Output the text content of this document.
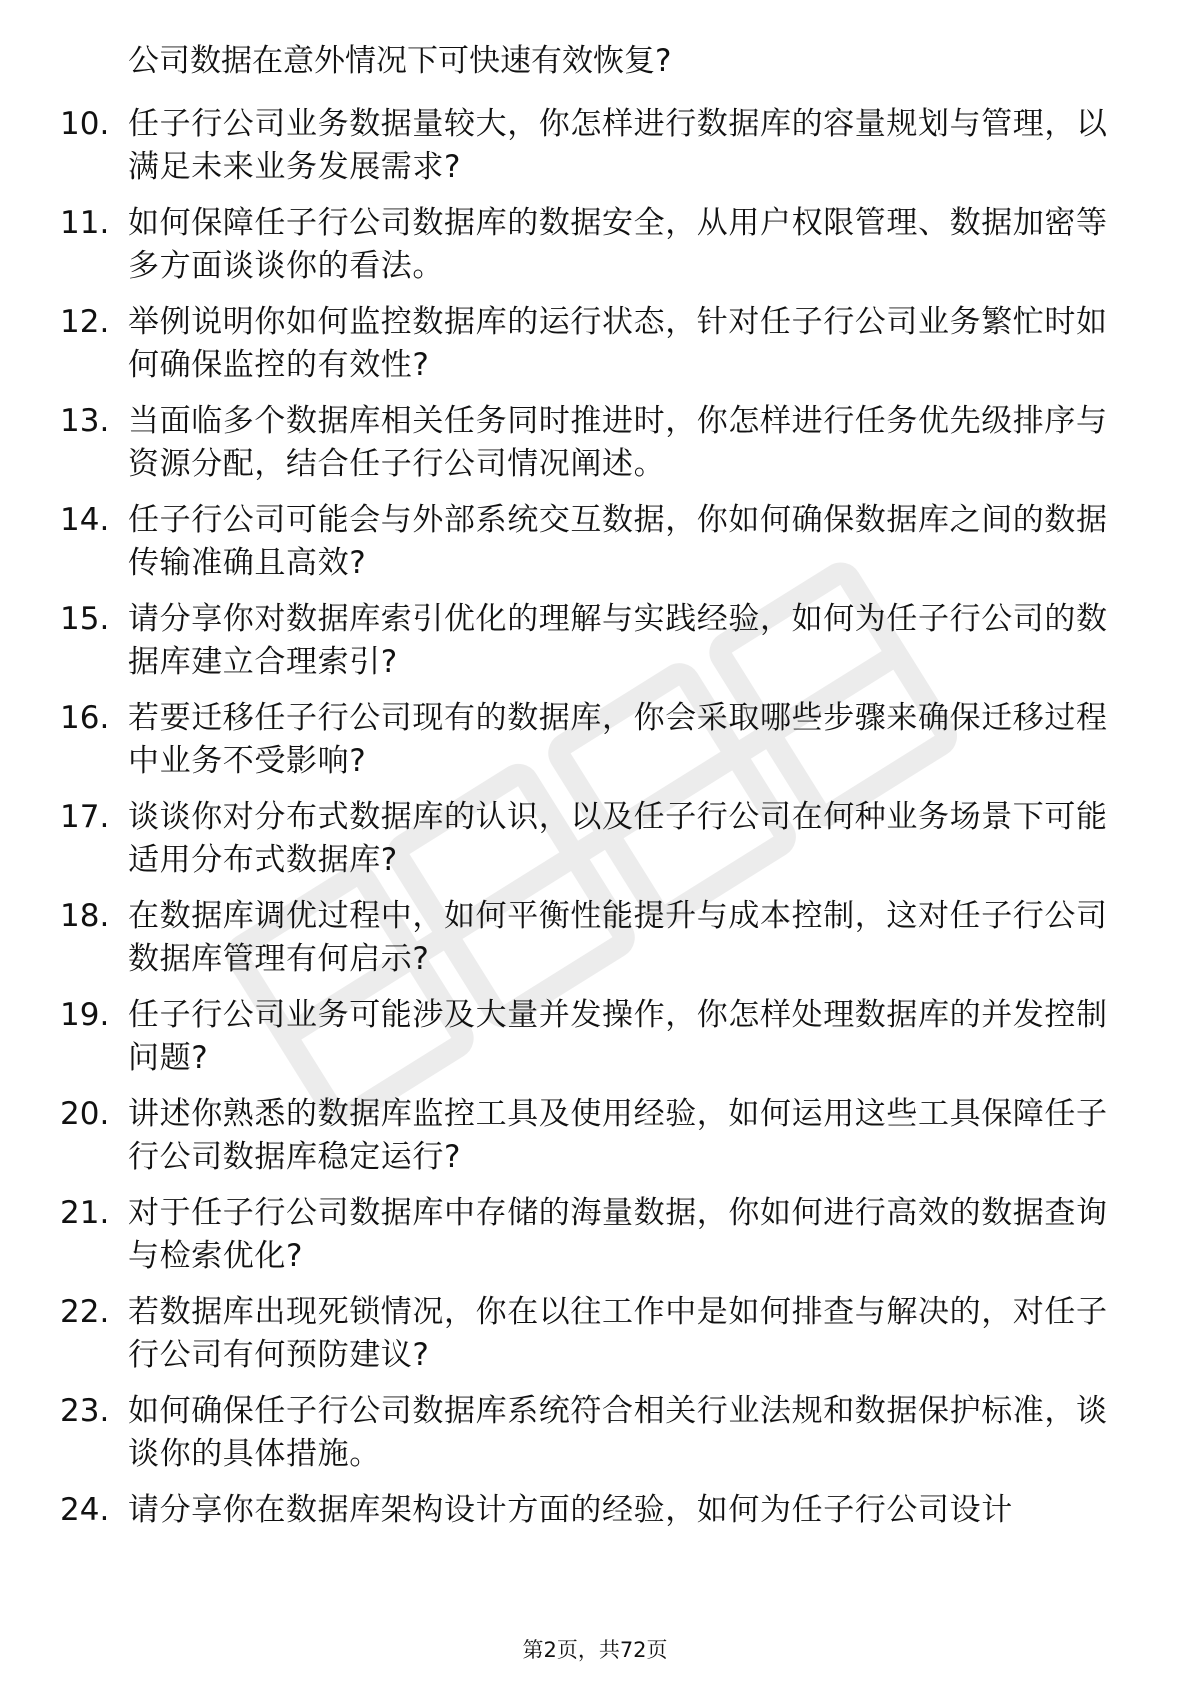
公司数据在意外情况下可快速有效恢复?
10. 任子行公司业务数据量较大，你怎样进行数据库的容量规划与管理，以满足未来业务发展需求?
11. 如何保障任子行公司数据库的数据安全，从用户权限管理、数据加密等多方面谈谈你的看法。
12. 举例说明你如何监控数据库的运行状态，针对任子行公司业务繁忙时如何确保监控的有效性?
13. 当面临多个数据库相关任务同时推进时，你怎样进行任务优先级排序与资源分配，结合任子行公司情况阐述。
14. 任子行公司可能会与外部系统交互数据，你如何确保数据库之间的数据传输准确且高效?
15. 请分享你对数据库索引优化的理解与实践经验，如何为任子行公司的数据库建立合理索引?
16. 若要迁移任子行公司现有的数据库，你会采取哪些步骤来确保迁移过程中业务不受影响?
17. 谈谈你对分布式数据库的认识，以及任子行公司在何种业务场景下可能适用分布式数据库?
18. 在数据库调优过程中，如何平衡性能提升与成本控制，这对任子行公司数据库管理有何启示?
19. 任子行公司业务可能涉及大量并发操作，你怎样处理数据库的并发控制问题?
20. 讲述你熟悉的数据库监控工具及使用经验，如何运用这些工具保障任子行公司数据库稳定运行?
21. 对于任子行公司数据库中存储的海量数据，你如何进行高效的数据查询与检索优化?
22. 若数据库出现死锁情况，你在以往工作中是如何排查与解决的，对任子行公司有何预防建议?
23. 如何确保任子行公司数据库系统符合相关行业法规和数据保护标准，谈谈你的具体措施。
24. 请分享你在数据库架构设计方面的经验，如何为任子行公司设计
第2页，共72页
